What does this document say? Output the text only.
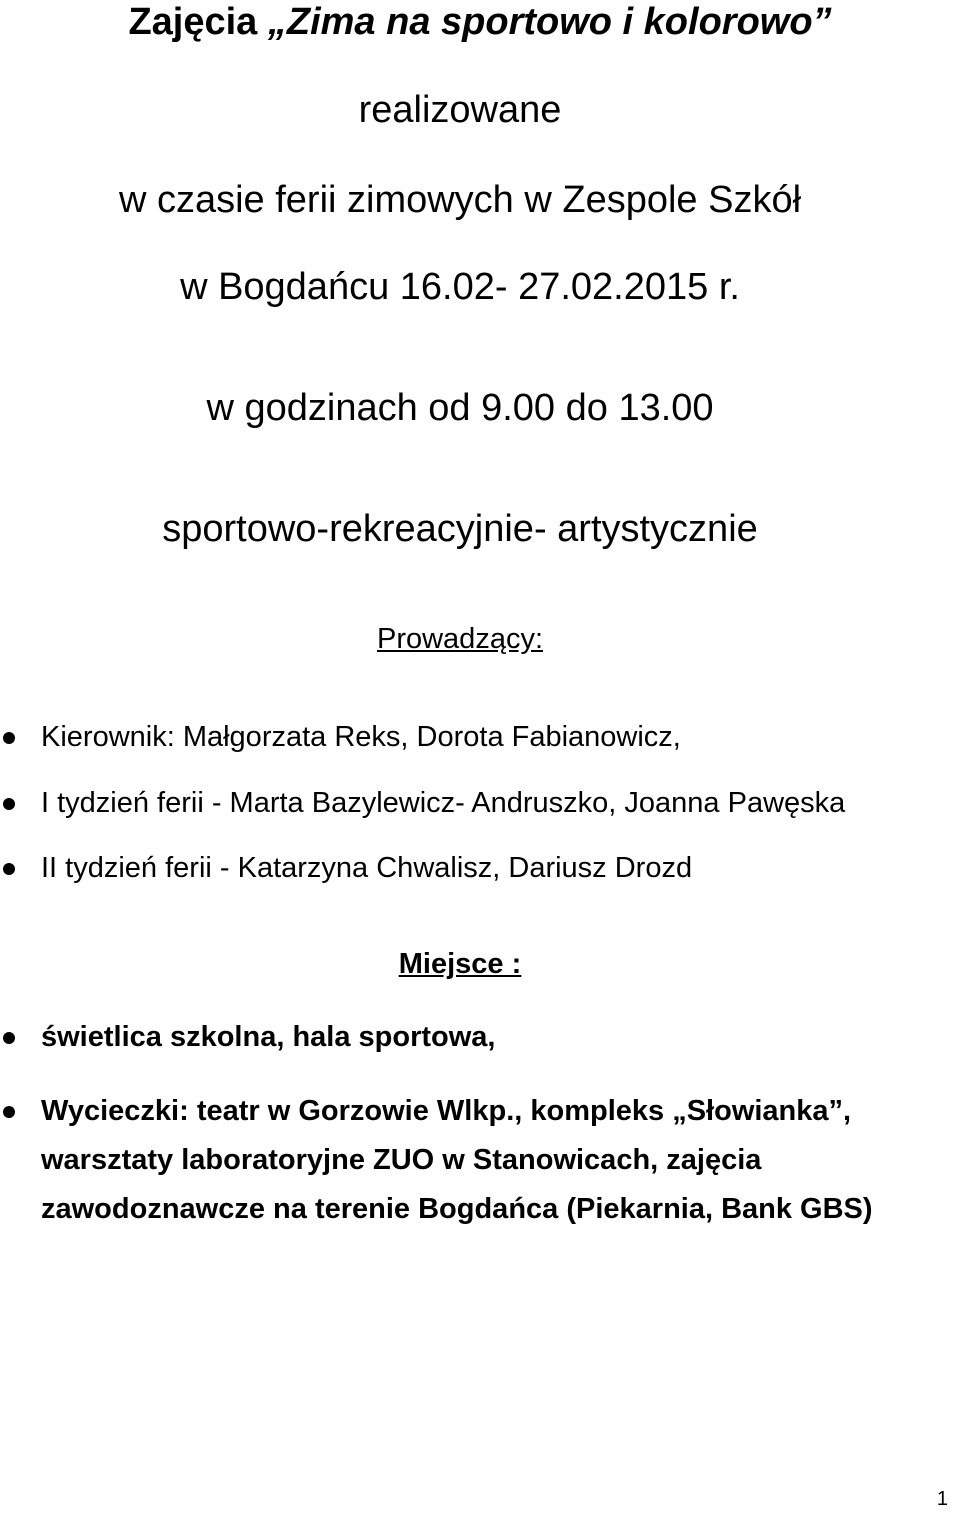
Zajęcia „Zima na sportowo i kolorowo”
realizowane
w czasie ferii zimowych w Zespole Szkół
w Bogdańcu 16.02- 27.02.2015 r.
w godzinach od 9.00 do 13.00
sportowo-rekreacyjnie- artystycznie
Prowadzący:
Kierownik: Małgorzata Reks, Dorota Fabianowicz,
I tydzień ferii - Marta Bazylewicz- Andruszko, Joanna Pawęska
II tydzień ferii - Katarzyna Chwalisz, Dariusz Drozd
Miejsce :
świetlica szkolna, hala sportowa,
Wycieczki: teatr w Gorzowie Wlkp., kompleks „Słowianka”,
warsztaty laboratoryjne ZUO w Stanowicach, zajęcia
zawodoznawcze na terenie Bogdańca (Piekarnia, Bank GBS)
1
